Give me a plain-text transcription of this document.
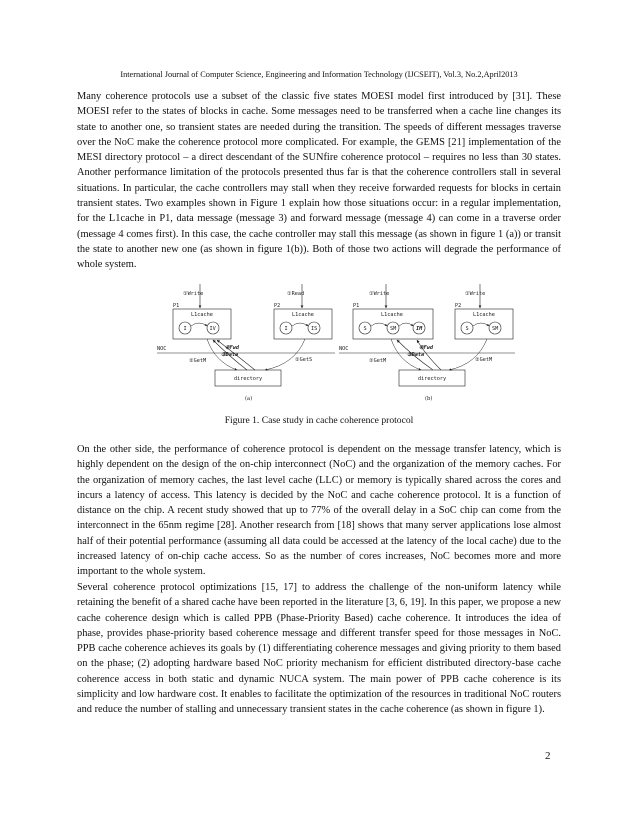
International Journal of Computer Science, Engineering and Information Technology (IJCSEIT), Vol.3, No.2,April2013

Many coherence protocols use a subset of the classic five states MOESI model first introduced by [31]. These MOESI refer to the states of blocks in cache. Some messages need to be transferred when a cache line changes its state to another one, so transient states are needed during the transition. The speeds of different messages traverse over the NoC make the coherence protocol more complicated. For example, the GEMS [21] implementation of the MESI directory protocol – a direct descendant of the SUNfire coherence protocol – requires no less than 30 states. Another performance limitation of the protocols presented thus far is that the coherence controllers stall in several situations. In particular, the cache controllers may stall when they receive forwarded requests for blocks in certain transient states. Two examples shown in Figure 1 explain how those situations occur: in a regular implementation, for the L1cache in P1, data message (message 3) and forward message (message 4) can come in a traverse order (message 4 comes first). In this case, the cache controller may stall this message (as shown in figure 1 (a)) or transit the state to another new one (as shown in figure 1(b)). Both of those two actions will degrade the performance of whole system.

①Write	①Read
P1	P2
L1cache
I	IV
L1cache
I	IS
NOC
directory
②GetM	②GetS
④Fwd
③Data
(a)
①Write	①Write
P1	P2
L1cache
S	SM	IM
L1cache
S	SM
NOC
directory
②GetM	②GetM
④Fwd
③Data
(b)
Figure 1. Case study in cache coherence protocol

On the other side, the performance of coherence protocol is dependent on the message transfer latency, which is highly dependent on the design of the on-chip interconnect (NoC) and the organization of the memory caches. For the organization of memory caches, the last level cache (LLC) or memory is typically shared across the cores and incurs a latency of access. This latency is decided by the NoC and cache coherence protocol. It is a function of distance on the chip. A recent study showed that up to 77% of the overall delay in a SoC chip can come from the interconnect in the 65nm regime [28]. Another research from [18] shows that many server applications lose almost half of their potential performance (assuming all data could be accessed at the latency of the local cache) due to the increased latency of on-chip cache access. So as the number of cores increases, NoC becomes more and more important to the whole system.

Several coherence protocol optimizations [15, 17] to address the challenge of the non-uniform latency while retaining the benefit of a shared cache have been reported in the literature [3, 6, 19]. In this paper, we propose a new cache coherence design which is called PPB (Phase-Priority Based) cache coherence. It introduces the idea of phase, provides phase-priority based coherence message and different transfer speed for those messages in NoC. PPB cache coherence achieves its goals by (1) differentiating coherence messages and giving priority to them based on the phase; (2) adopting hardware based NoC priority mechanism for efficient distributed directory-base cache coherence access in both static and dynamic NUCA system. The main power of PPB cache coherence is its simplicity and low hardware cost. It enables to facilitate the optimization of the resources in traditional NoC routers and reduce the number of stalling and unnecessary transient states in the cache coherence (as shown in figure 1).

2
